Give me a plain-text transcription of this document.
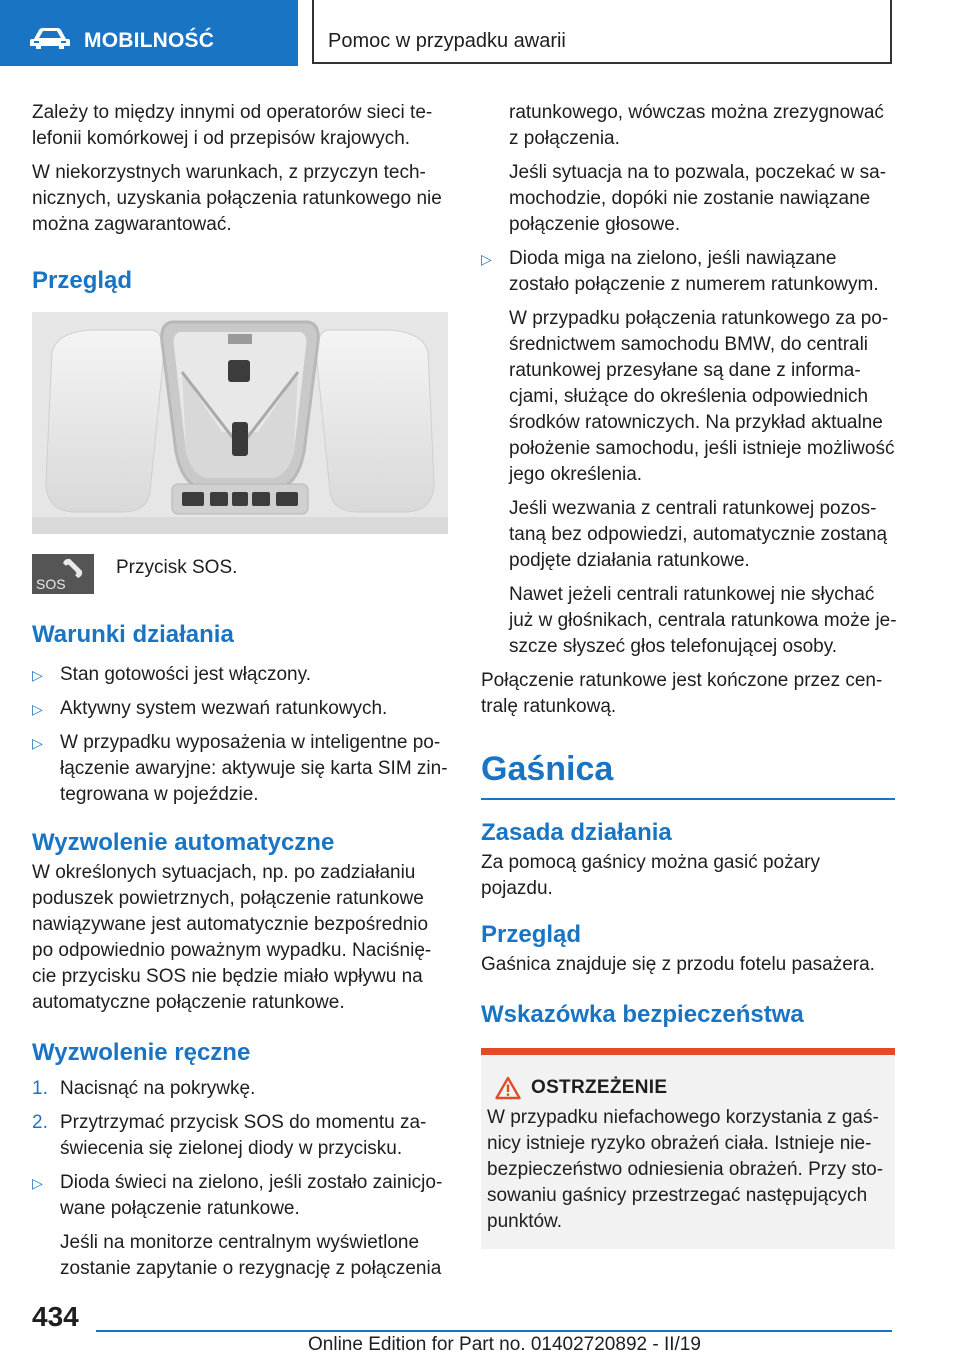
MOBILNOŚĆ	Pomoc w przypadku awarii

Zależy to między innymi od operatorów sieci telefonii komórkowej i od przepisów krajowych.

W niekorzystnych warunkach, z przyczyn technicznych, uzyskania połączenia ratunkowego nie można zagwarantować.

Przegląd
SOS
Przycisk SOS.
Warunki działania
▷ Stan gotowości jest włączony.
▷ Aktywny system wezwań ratunkowych.
▷ W przypadku wyposażenia w inteligentne połączenie awaryjne: aktywuje się karta SIM zintegrowana w pojeździe.
Wyzwolenie automatyczne

W określonych sytuacjach, np. po zadziałaniu poduszek powietrznych, połączenie ratunkowe nawiązywane jest automatycznie bezpośrednio po odpowiednio poważnym wypadku. Naciśnięcie przycisku SOS nie będzie miało wpływu na automatyczne połączenie ratunkowe.

Wyzwolenie ręczne
1. Nacisnąć na pokrywkę.
2. Przytrzymać przycisk SOS do momentu zaświecenia się zielonej diody w przycisku.
▷ Dioda świeci na zielono, jeśli zostało zainicjowane połączenie ratunkowe.
Jeśli na monitorze centralnym wyświetlone zostanie zapytanie o rezygnację z połączenia
ratunkowego, wówczas można zrezygnować z połączenia.
Jeśli sytuacja na to pozwala, poczekać w samochodzie, dopóki nie zostanie nawiązane połączenie głosowe.
▷ Dioda miga na zielono, jeśli nawiązane zostało połączenie z numerem ratunkowym.
W przypadku połączenia ratunkowego za pośrednictwem samochodu BMW, do centrali ratunkowej przesyłane są dane z informacjami, służące do określenia odpowiednich środków ratowniczych. Na przykład aktualne położenie samochodu, jeśli istnieje możliwość jego określenia.
Jeśli wezwania z centrali ratunkowej pozostaną bez odpowiedzi, automatycznie zostaną podjęte działania ratunkowe.
Nawet jeżeli centrali ratunkowej nie słychać już w głośnikach, centrala ratunkowa może jeszcze słyszeć głos telefonującej osoby.

Połączenie ratunkowe jest kończone przez centralę ratunkową.

Gaśnica
Zasada działania

Za pomocą gaśnicy można gasić pożary pojazdu.

Przegląd

Gaśnica znajduje się z przodu fotelu pasażera.

Wskazówka bezpieczeństwa
OSTRZEŻENIE
W przypadku niefachowego korzystania z gaśnicy istnieje ryzyko obrażeń ciała. Istnieje niebezpieczeństwo odniesienia obrażeń. Przy stosowaniu gaśnicy przestrzegać następujących punktów.
434
Online Edition for Part no. 01402720892 - II/19
